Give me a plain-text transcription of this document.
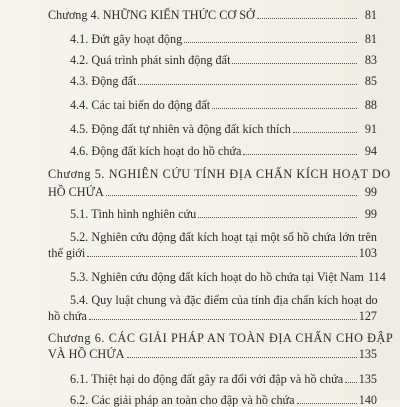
Chương 4. NHỮNG KIẾN THỨC CƠ SỞ	81
4.1. Đứt gãy hoạt động	81
4.2. Quá trình phát sinh động đất	83
4.3. Động đất	85
4.4. Các tai biến do động đất	88
4.5. Động đất tự nhiên và động đất kích thích	91
4.6. Động đất kích hoạt do hồ chứa	94
Chương 5. NGHIÊN CỨU TÍNH ĐỊA CHẤN KÍCH HOẠT DO
HỒ CHỨA	99
5.1. Tình hình nghiên cứu	99
5.2. Nghiên cứu động đất kích hoạt tại một số hồ chứa lớn trên
thế giới	103
5.3. Nghiên cứu động đất kích hoạt do hồ chứa tại Việt Nam 114
5.4. Quy luật chung và đặc điểm của tính địa chấn kích hoạt do
hồ chứa	127
Chương 6. CÁC GIẢI PHÁP AN TOÀN ĐỊA CHẤN CHO ĐẬP
VÀ HỒ CHỨA	135
6.1. Thiệt hại do động đất gây ra đối với đập và hồ chứa 135
6.2. Các giải pháp an toàn cho đập và hồ chứa	140
